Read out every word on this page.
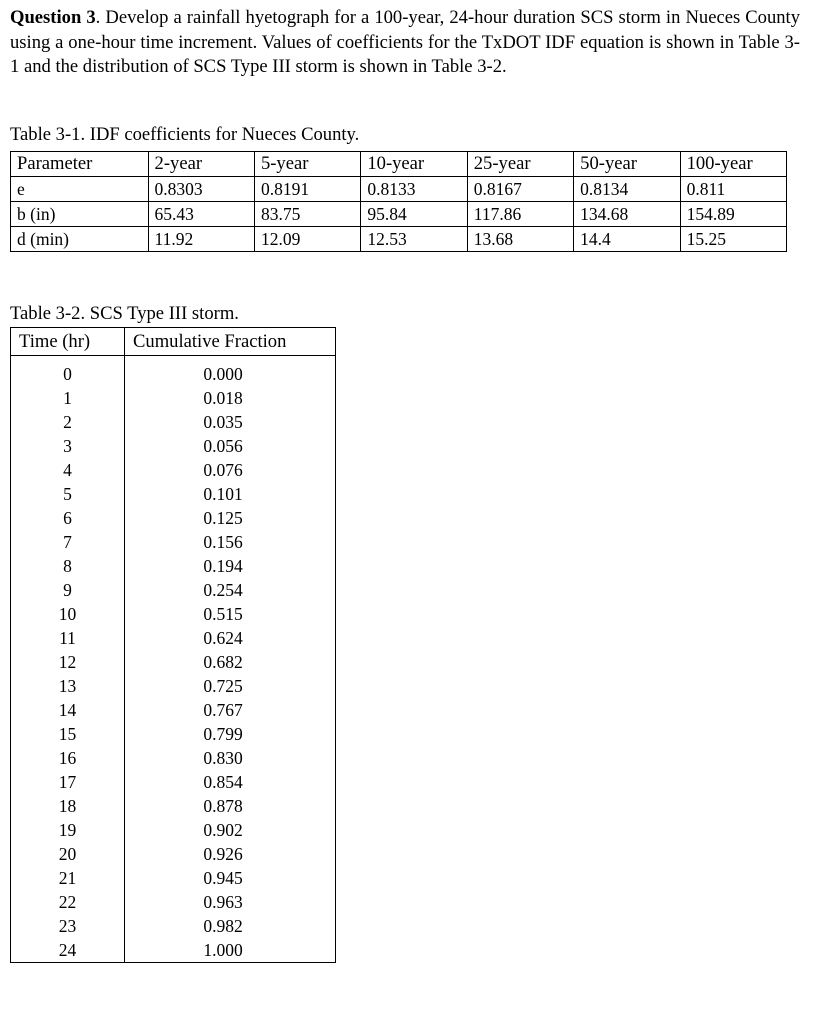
Question 3. Develop a rainfall hyetograph for a 100-year, 24-hour duration SCS storm in Nueces County using a one-hour time increment. Values of coefficients for the TxDOT IDF equation is shown in Table 3-1 and the distribution of SCS Type III storm is shown in Table 3-2.
Table 3-1. IDF coefficients for Nueces County.
Parameter	2-year	5-year	10-year	25-year	50-year	100-year
e	0.8303	0.8191	0.8133	0.8167	0.8134	0.811
b (in)	65.43	83.75	95.84	117.86	134.68	154.89
d (min)	11.92	12.09	12.53	13.68	14.4	15.25
Table 3-2. SCS Type III storm.
Time (hr)	Cumulative Fraction

0	0.000
1	0.018
2	0.035
3	0.056
4	0.076
5	0.101
6	0.125
7	0.156
8	0.194
9	0.254
10	0.515
11	0.624
12	0.682
13	0.725
14	0.767
15	0.799
16	0.830
17	0.854
18	0.878
19	0.902
20	0.926
21	0.945
22	0.963
23	0.982
24	1.000
